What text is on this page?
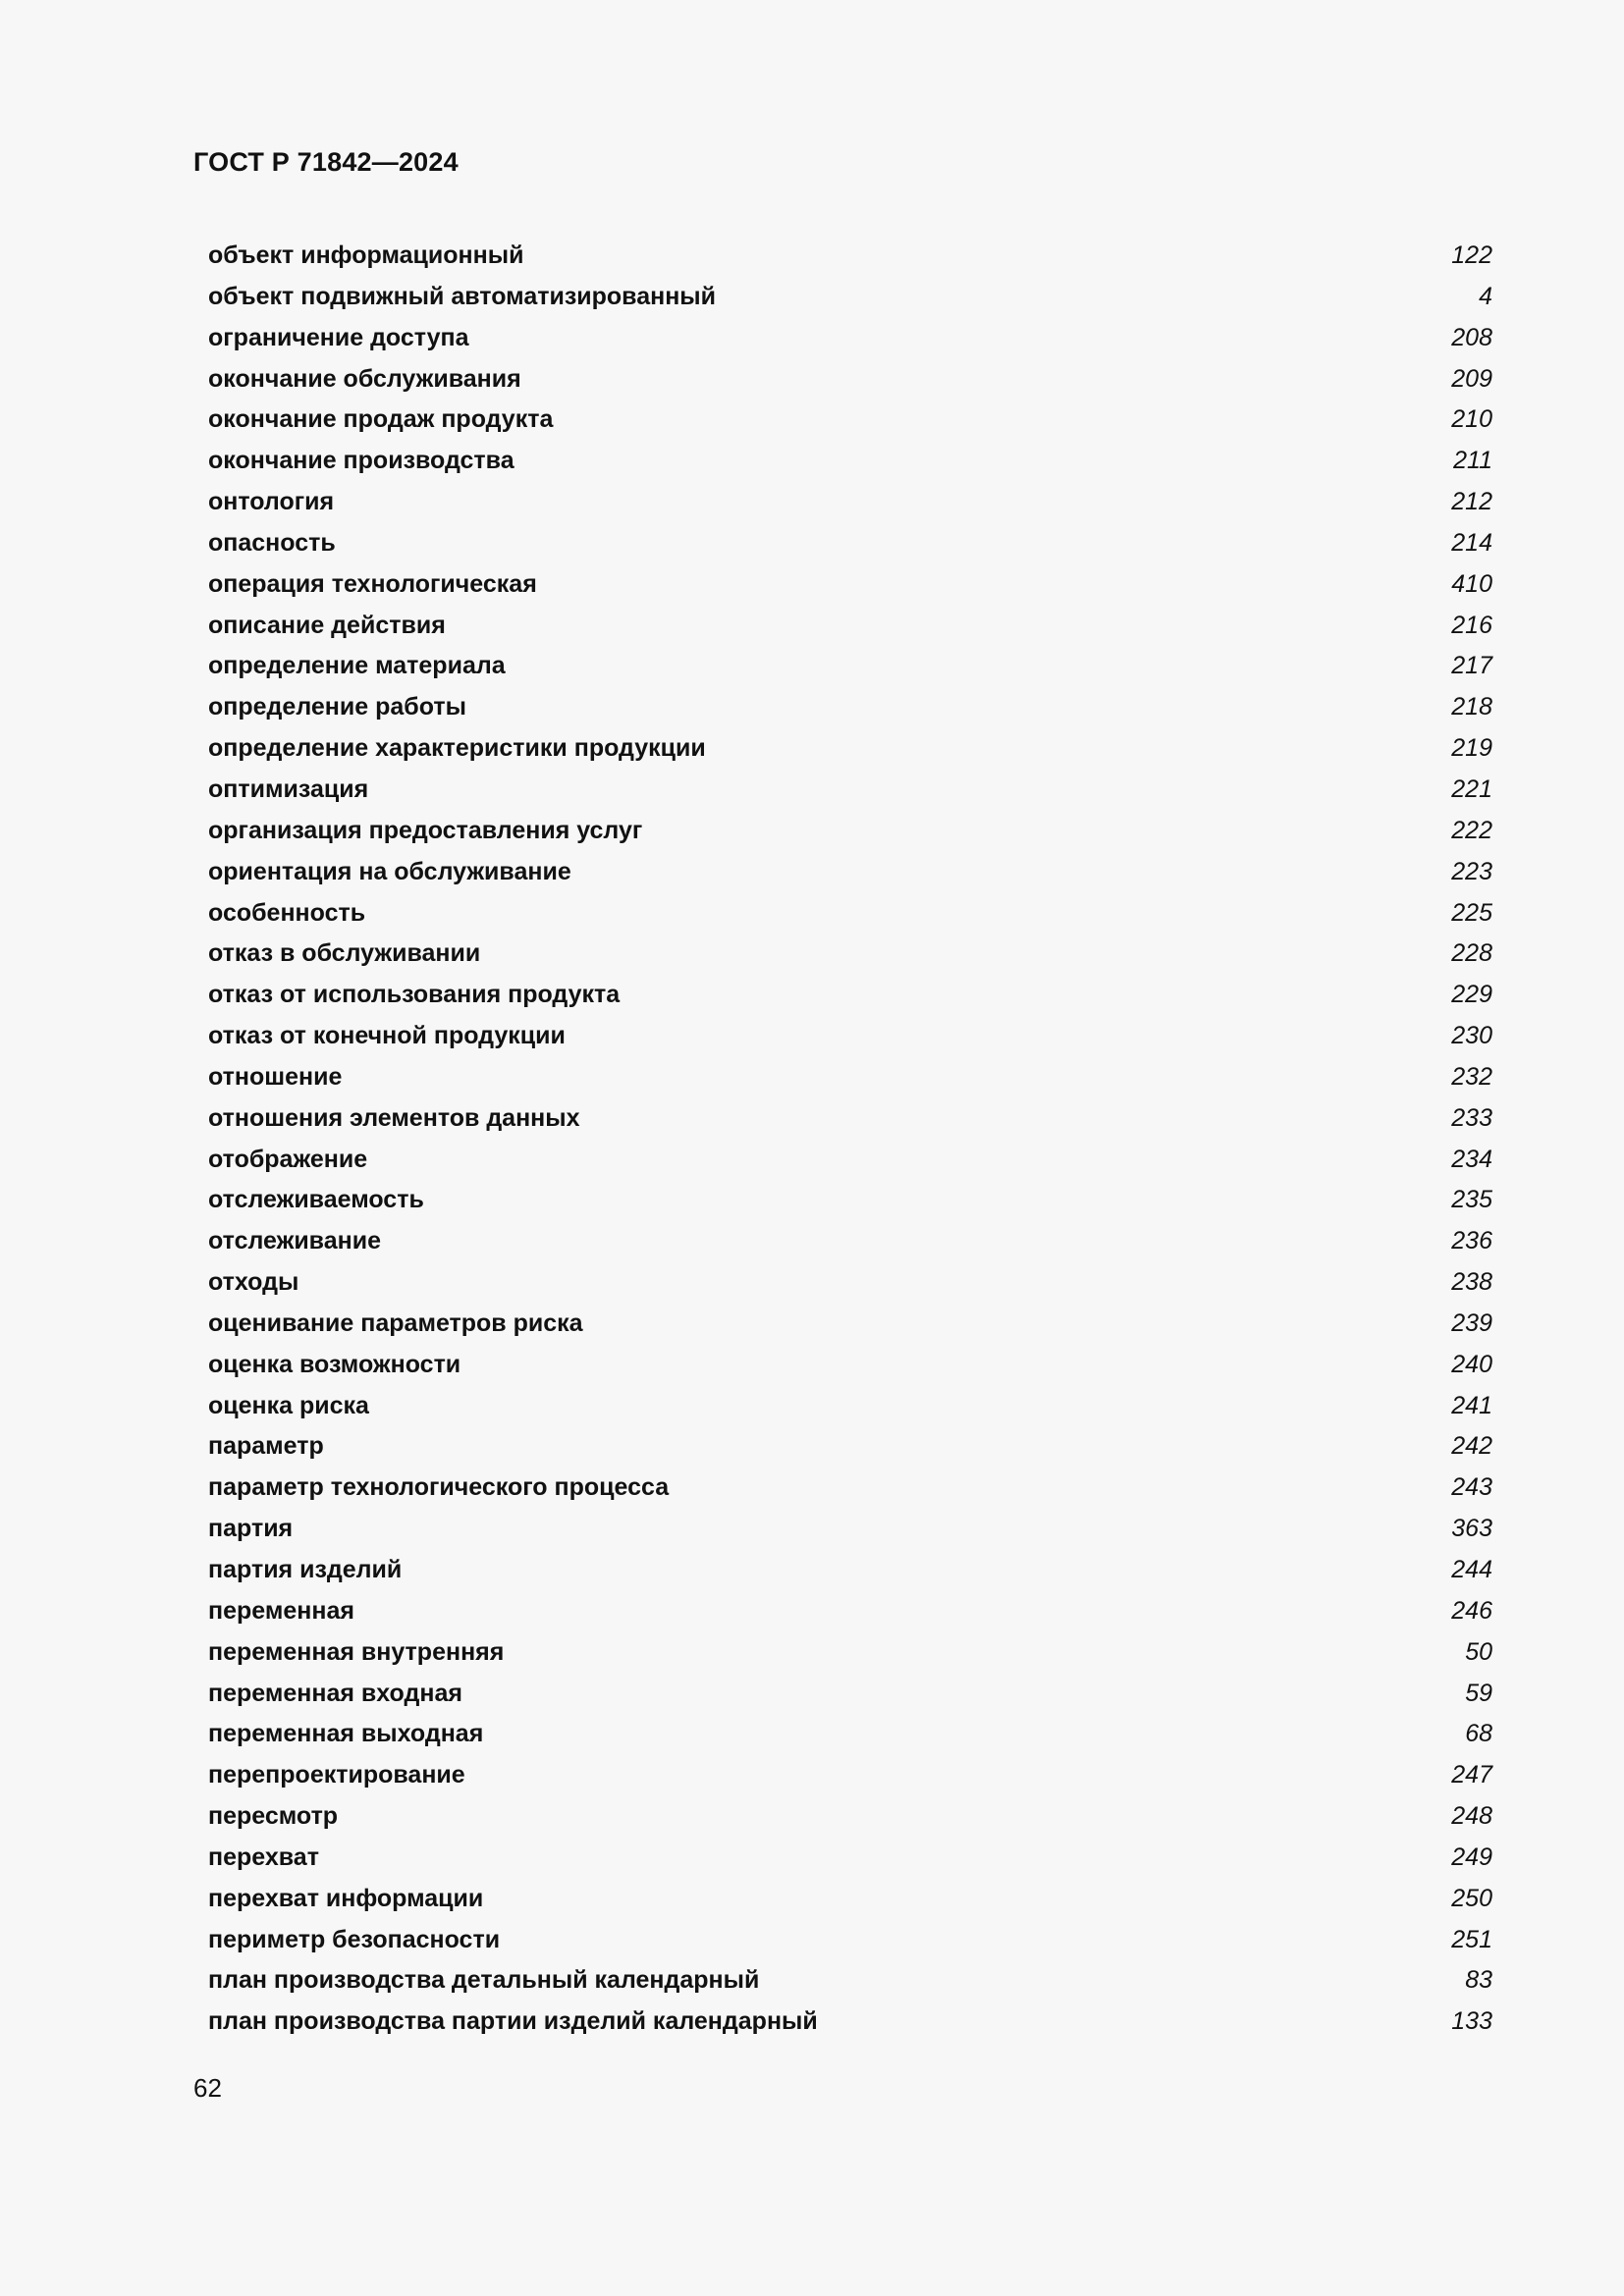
ГОСТ Р 71842—2024
объект информационный	122
объект подвижный автоматизированный	4
ограничение доступа	208
окончание обслуживания	209
окончание продаж продукта	210
окончание производства	211
онтология	212
опасность	214
операция технологическая	410
описание действия	216
определение материала	217
определение работы	218
определение характеристики продукции	219
оптимизация	221
организация предоставления услуг	222
ориентация на обслуживание	223
особенность	225
отказ в обслуживании	228
отказ от использования продукта	229
отказ от конечной продукции	230
отношение	232
отношения элементов данных	233
отображение	234
отслеживаемость	235
отслеживание	236
отходы	238
оценивание параметров риска	239
оценка возможности	240
оценка риска	241
параметр	242
параметр технологического процесса	243
партия	363
партия изделий	244
переменная	246
переменная внутренняя	50
переменная входная	59
переменная выходная	68
перепроектирование	247
пересмотр	248
перехват	249
перехват информации	250
периметр безопасности	251
план производства детальный календарный	83
план производства партии изделий календарный	133
62
